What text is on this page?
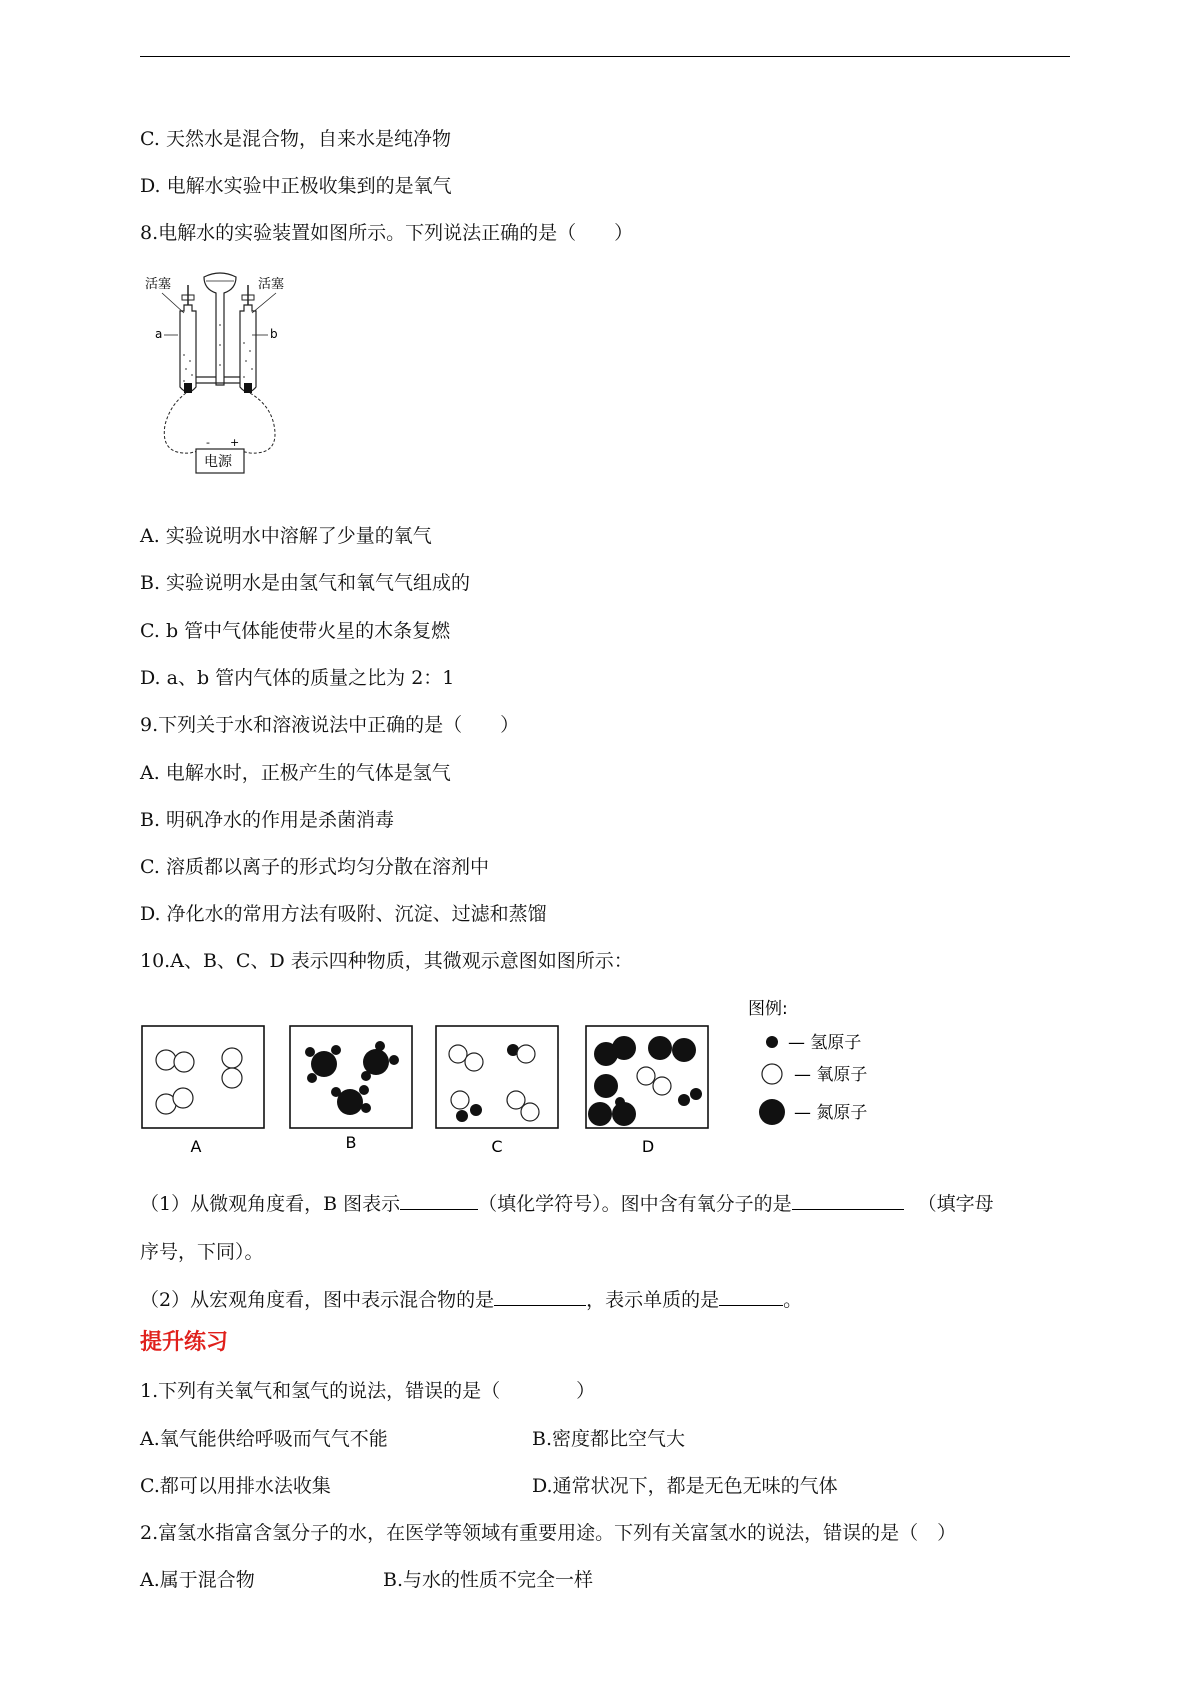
C. 天然水是混合物，自来水是纯净物
D. 电解水实验中正极收集到的是氧气
8.电解水的实验装置如图所示。下列说法正确的是（　　）
活塞	活塞
a	b
- +
电源
A. 实验说明水中溶解了少量的氧气
B. 实验说明水是由氢气和氧气气组成的
C. b 管中气体能使带火星的木条复燃
D. a、b 管内气体的质量之比为 2：1
9.下列关于水和溶液说法中正确的是（　　）
A. 电解水时，正极产生的气体是氢气
B. 明矾净水的作用是杀菌消毒
C. 溶质都以离子的形式均匀分散在溶剂中
D. 净化水的常用方法有吸附、沉淀、过滤和蒸馏
10.A、B、C、D 表示四种物质，其微观示意图如图所示：
A	B	C	D
图例:
— 氢原子
— 氧原子
— 氮原子
（1）从微观角度看，B 图表示	（填化学符号）。图中含有氧分子的是	（填字母
序号，下同）。
（2）从宏观角度看，图中表示混合物的是	，表示单质的是	。
提升练习
1.下列有关氧气和氢气的说法，错误的是（　　　　）
A.氧气能供给呼吸而气气不能	B.密度都比空气大
C.都可以用排水法收集	D.通常状况下，都是无色无味的气体
2.富氢水指富含氢分子的水，在医学等领域有重要用途。下列有关富氢水的说法，错误的是（　）
A.属于混合物	B.与水的性质不完全一样
